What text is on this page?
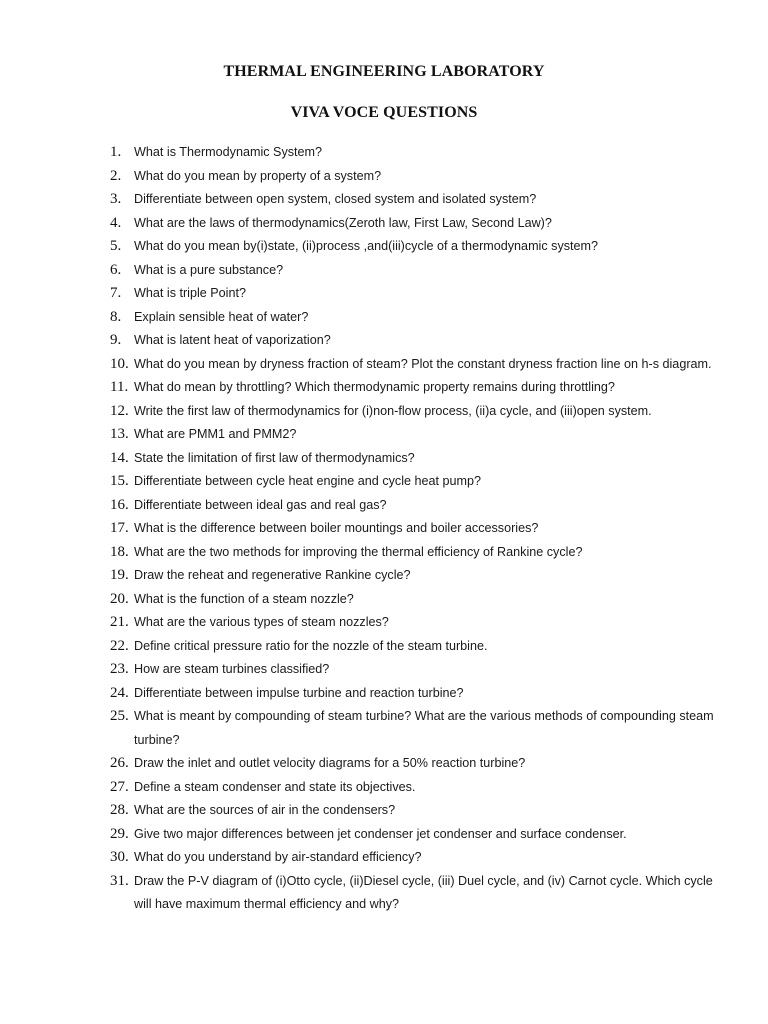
THERMAL ENGINEERING LABORATORY
VIVA VOCE QUESTIONS
1. What is Thermodynamic System?
2. What do you mean by property of a system?
3. Differentiate between open system, closed system and isolated system?
4. What are the laws of thermodynamics(Zeroth law, First Law, Second Law)?
5. What do you mean by(i)state, (ii)process ,and(iii)cycle of a thermodynamic system?
6. What is a pure substance?
7. What is triple Point?
8. Explain sensible heat of water?
9. What is latent heat of vaporization?
10. What do you mean by dryness fraction of steam? Plot the constant dryness fraction line on h-s diagram.
11. What do mean by throttling? Which thermodynamic property remains during throttling?
12. Write the first law of thermodynamics for (i)non-flow process, (ii)a cycle, and (iii)open system.
13. What are PMM1 and PMM2?
14. State the limitation of first law of thermodynamics?
15. Differentiate between cycle heat engine and cycle heat pump?
16. Differentiate between ideal gas and real gas?
17. What is the difference between boiler mountings and boiler accessories?
18. What are the two methods for improving the thermal efficiency of Rankine cycle?
19. Draw the reheat and regenerative Rankine cycle?
20. What is the function of a steam nozzle?
21. What are the various types of steam nozzles?
22. Define critical pressure ratio for the nozzle of the steam turbine.
23. How are steam turbines classified?
24. Differentiate between impulse turbine and reaction turbine?
25. What is meant by compounding of steam turbine? What are the various methods of compounding steam turbine?
26. Draw the inlet and outlet velocity diagrams for a 50% reaction turbine?
27. Define a steam condenser and state its objectives.
28. What are the sources of air in the condensers?
29. Give two major differences between jet condenser jet condenser and surface condenser.
30. What do you understand by air-standard efficiency?
31. Draw the P-V diagram of (i)Otto cycle, (ii)Diesel cycle, (iii) Duel cycle, and (iv) Carnot cycle. Which cycle will have maximum thermal efficiency and why?
